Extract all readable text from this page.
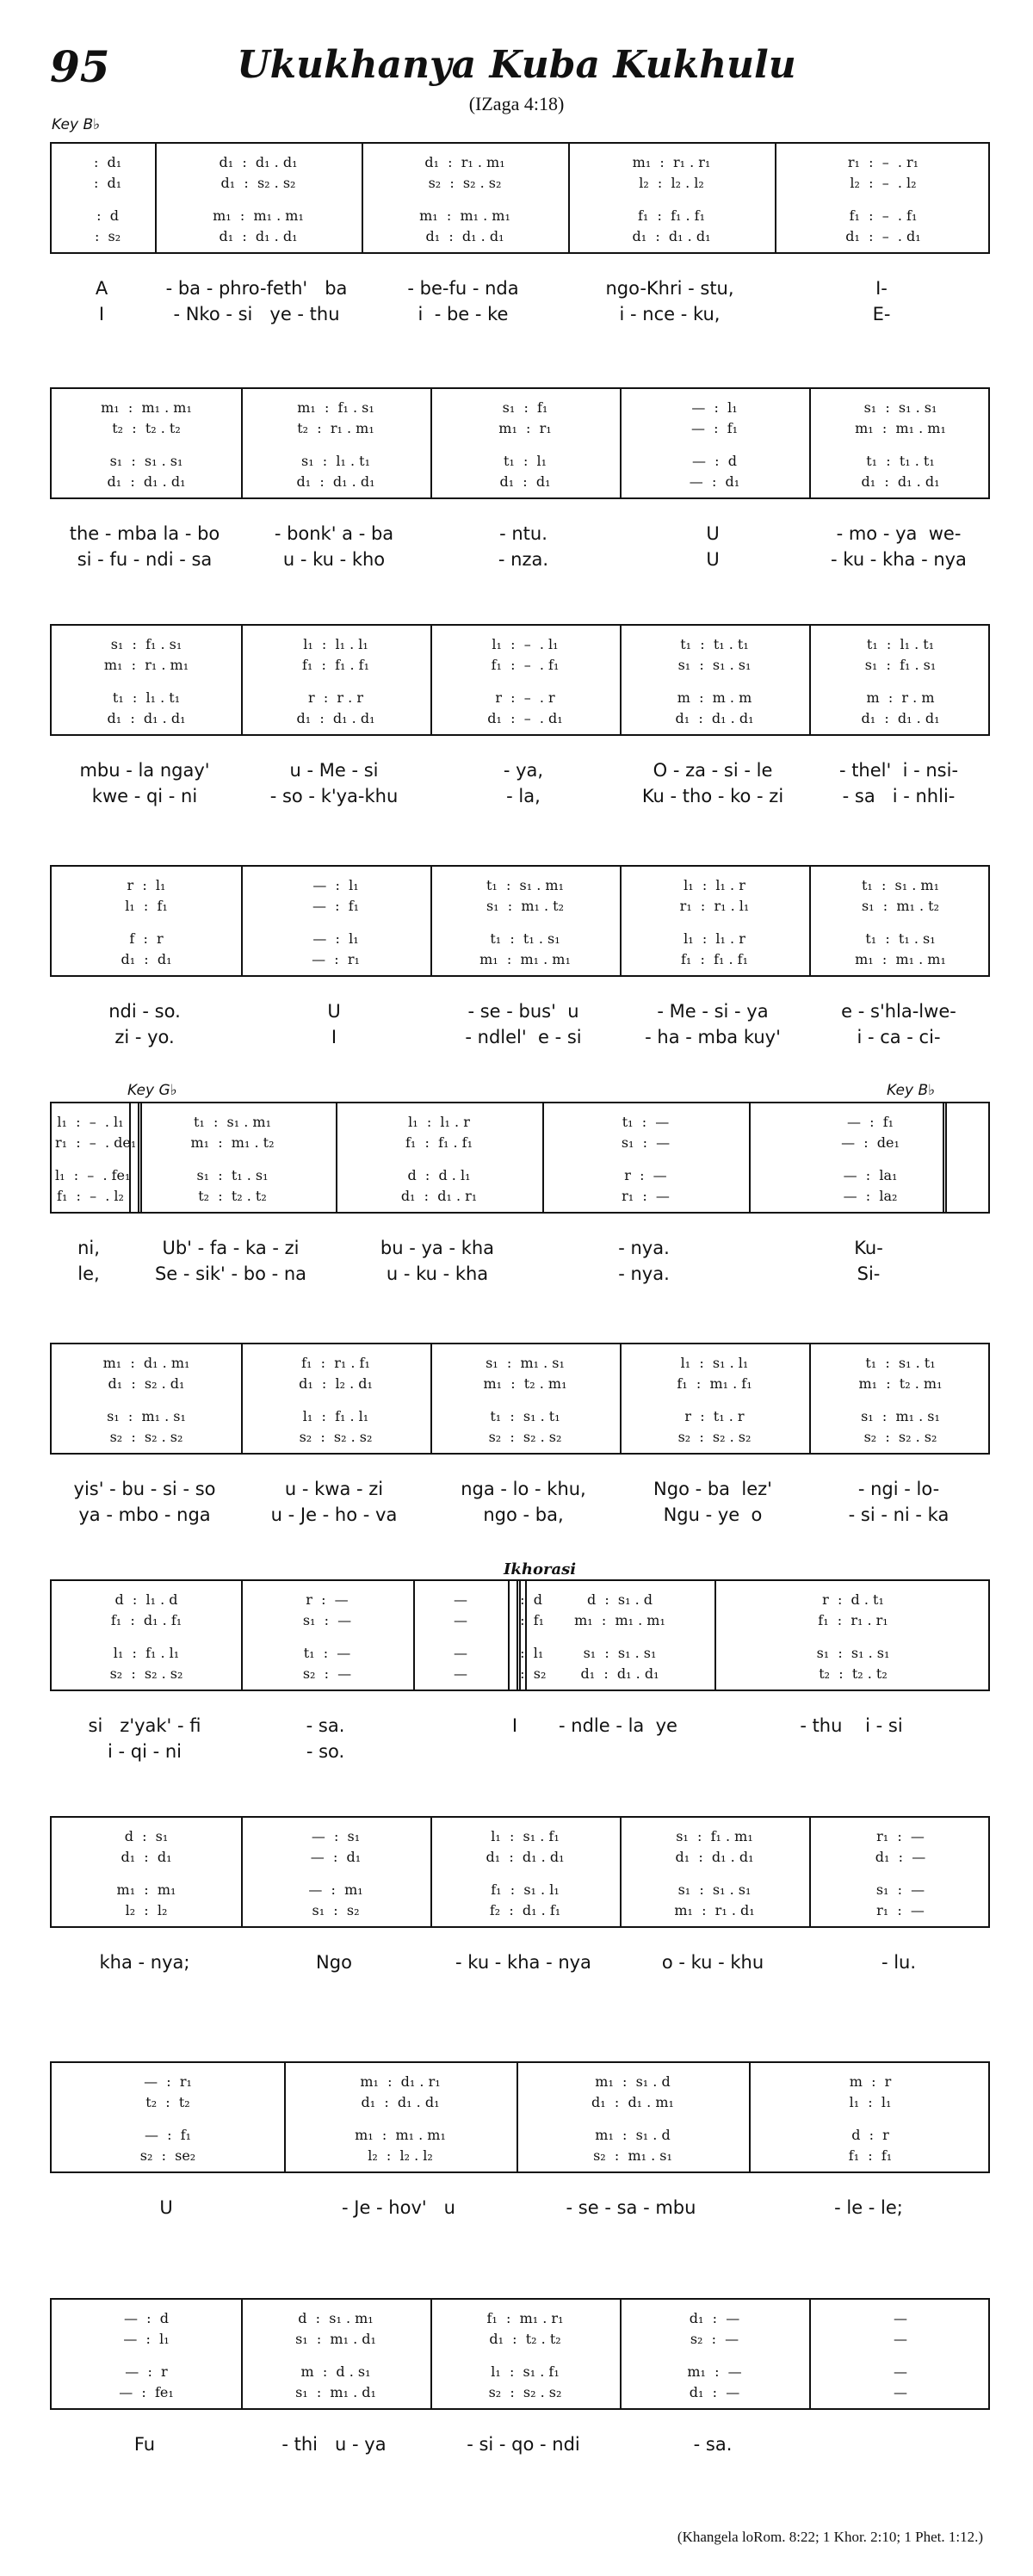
95	Ukukhanya Kuba Kukhulu
(IZaga 4:18)
Key B♭
Key G♭	Key B♭
Ikhorasi
:  d₁	d₁  :  d₁ . d₁	d₁  :  r₁ . m₁	m₁  :  r₁ . r₁	r₁  :  –  . r₁
:  d₁	d₁  :  s₂ . s₂	s₂  :  s₂ . s₂	l₂  :  l₂ . l₂	l₂  :  –  . l₂
:  d	m₁  :  m₁ . m₁	m₁  :  m₁ . m₁	f₁  :  f₁ . f₁	f₁  :  –  . f₁
:  s₂	d₁  :  d₁ . d₁	d₁  :  d₁ . d₁	d₁  :  d₁ . d₁	d₁  :  –  . d₁
A	- ba - phro-feth'   ba	- be-fu - nda	ngo-Khri - stu,	I-
I	- Nko - si   ye - thu	i  - be - ke	i - nce - ku,	E-
m₁  :  m₁ . m₁	m₁  :  f₁ . s₁	s₁  :  f₁	—  :  l₁	s₁  :  s₁ . s₁
t₂  :  t₂ . t₂	t₂  :  r₁ . m₁	m₁  :  r₁	—  :  f₁	m₁  :  m₁ . m₁
s₁  :  s₁ . s₁	s₁  :  l₁ . t₁	t₁  :  l₁	—  :  d	t₁  :  t₁ . t₁
d₁  :  d₁ . d₁	d₁  :  d₁ . d₁	d₁  :  d₁	—  :  d₁	d₁  :  d₁ . d₁
the - mba la - bo	- bonk' a - ba	- ntu.	U	- mo - ya  we-
si - fu - ndi - sa	u - ku - kho	- nza.	U	- ku - kha - nya
s₁  :  f₁ . s₁	l₁  :  l₁ . l₁	l₁  :  –  . l₁	t₁  :  t₁ . t₁	t₁  :  l₁ . t₁
m₁  :  r₁ . m₁	f₁  :  f₁ . f₁	f₁  :  –  . f₁	s₁  :  s₁ . s₁	s₁  :  f₁ . s₁
t₁  :  l₁ . t₁	r  :  r . r	r  :  –  . r	m  :  m . m	m  :  r . m
d₁  :  d₁ . d₁	d₁  :  d₁ . d₁	d₁  :  –  . d₁	d₁  :  d₁ . d₁	d₁  :  d₁ . d₁
mbu - la ngay'	u - Me - si	- ya,	O - za - si - le	- thel'  i - nsi-
kwe - qi - ni	- so - k'ya-khu	- la,	Ku - tho - ko - zi	- sa   i - nhli-
r  :  l₁	—  :  l₁	t₁  :  s₁ . m₁	l₁  :  l₁ . r	t₁  :  s₁ . m₁
l₁  :  f₁	—  :  f₁	s₁  :  m₁ . t₂	r₁  :  r₁ . l₁	s₁  :  m₁ . t₂
f  :  r	—  :  l₁	t₁  :  t₁ . s₁	l₁  :  l₁ . r	t₁  :  t₁ . s₁
d₁  :  d₁	—  :  r₁	m₁  :  m₁ . m₁	f₁  :  f₁ . f₁	m₁  :  m₁ . m₁
ndi - so.	U	- se - bus'  u	- Me - si - ya	e - s'hla-lwe-
zi - yo.	I	- ndlel'  e - si	- ha - mba kuy'	i - ca - ci-
l₁  :  –  . l₁	t₁  :  s₁ . m₁	l₁  :  l₁ . r	t₁  :  —	—  :  f₁
r₁  :  –  . de₁	m₁  :  m₁ . t₂	f₁  :  f₁ . f₁	s₁  :  —	—  :  de₁
l₁  :  –  . fe₁	s₁  :  t₁ . s₁	d  :  d . l₁	r  :  —	—  :  la₁
f₁  :  –  . l₂	t₂  :  t₂ . t₂	d₁  :  d₁ . r₁	r₁  :  —	—  :  la₂
ni,	Ub' - fa - ka - zi	bu - ya - kha	- nya.	Ku-
le,	Se - sik' - bo - na	u - ku - kha	- nya.	Si-
m₁  :  d₁ . m₁	f₁  :  r₁ . f₁	s₁  :  m₁ . s₁	l₁  :  s₁ . l₁	t₁  :  s₁ . t₁
d₁  :  s₂ . d₁	d₁  :  l₂ . d₁	m₁  :  t₂ . m₁	f₁  :  m₁ . f₁	m₁  :  t₂ . m₁
s₁  :  m₁ . s₁	l₁  :  f₁ . l₁	t₁  :  s₁ . t₁	r  :  t₁ . r	s₁  :  m₁ . s₁
s₂  :  s₂ . s₂	s₂  :  s₂ . s₂	s₂  :  s₂ . s₂	s₂  :  s₂ . s₂	s₂  :  s₂ . s₂
yis' - bu - si - so	u - kwa - zi	nga - lo - khu,	Ngo - ba  lez'	- ngi - lo-
ya - mbo - nga	u - Je - ho - va	ngo - ba,	Ngu - ye  o	- si - ni - ka
d  :  l₁ . d	r  :  —	—	:  d	d  :  s₁ . d	r  :  d . t₁
f₁  :  d₁ . f₁	s₁  :  —	—	:  f₁	m₁  :  m₁ . m₁	f₁  :  r₁ . r₁
l₁  :  f₁ . l₁	t₁  :  —	—	:  l₁	s₁  :  s₁ . s₁	s₁  :  s₁ . s₁
s₂  :  s₂ . s₂	s₂  :  —	—	:  s₂	d₁  :  d₁ . d₁	t₂  :  t₂ . t₂
si   z'yak' - fi	- sa.	I	- ndle - la  ye	- thu    i - si
i - qi - ni	- so.
d  :  s₁	—  :  s₁	l₁  :  s₁ . f₁	s₁  :  f₁ . m₁	r₁  :  —
d₁  :  d₁	—  :  d₁	d₁  :  d₁ . d₁	d₁  :  d₁ . d₁	d₁  :  —
m₁  :  m₁	—  :  m₁	f₁  :  s₁ . l₁	s₁  :  s₁ . s₁	s₁  :  —
l₂  :  l₂	s₁  :  s₂	f₂  :  d₁ . f₁	m₁  :  r₁ . d₁	r₁  :  —
kha - nya;	Ngo	- ku - kha - nya	o - ku - khu	- lu.
—  :  r₁	m₁  :  d₁ . r₁	m₁  :  s₁ . d	m  :  r
t₂  :  t₂	d₁  :  d₁ . d₁	d₁  :  d₁ . m₁	l₁  :  l₁
—  :  f₁	m₁  :  m₁ . m₁	m₁  :  s₁ . d	d  :  r
s₂  :  se₂	l₂  :  l₂ . l₂	s₂  :  m₁ . s₁	f₁  :  f₁
U	- Je - hov'   u	- se - sa - mbu	- le - le;
—  :  d	d  :  s₁ . m₁	f₁  :  m₁ . r₁	d₁  :  —	—
—  :  l₁	s₁  :  m₁ . d₁	d₁  :  t₂ . t₂	s₂  :  —	—
—  :  r	m  :  d . s₁	l₁  :  s₁ . f₁	m₁  :  —	—
—  :  fe₁	s₁  :  m₁ . d₁	s₂  :  s₂ . s₂	d₁  :  —	—
Fu	- thi   u - ya	- si - qo - ndi	- sa.
(Khangela loRom. 8:22; 1 Khor. 2:10; 1 Phet. 1:12.)
